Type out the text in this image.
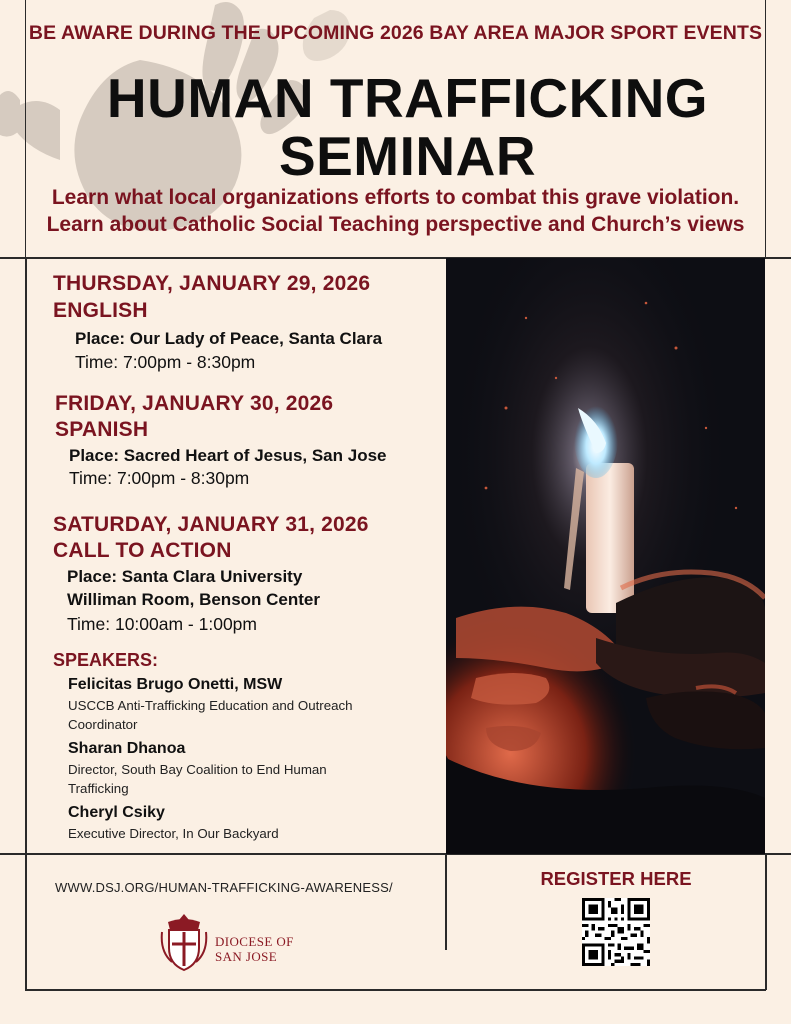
BE AWARE DURING THE UPCOMING 2026 BAY AREA MAJOR SPORT EVENTS
HUMAN TRAFFICKING
SEMINAR
Learn what local organizations efforts to combat this grave violation.
Learn about Catholic Social Teaching perspective and Church’s views
THURSDAY, JANUARY 29, 2026
ENGLISH
Place: Our Lady of Peace, Santa Clara
Time: 7:00pm - 8:30pm
FRIDAY, JANUARY 30, 2026
SPANISH
Place: Sacred Heart of Jesus, San Jose
Time: 7:00pm - 8:30pm
SATURDAY, JANUARY 31, 2026
CALL TO ACTION
Place: Santa Clara University
Williman Room, Benson Center
Time: 10:00am - 1:00pm
SPEAKERS:
Felicitas Brugo Onetti, MSW
USCCB Anti-Trafficking Education and Outreach Coordinator
Sharan Dhanoa
Director, South Bay Coalition to End Human Trafficking
Cheryl Csiky
Executive Director, In Our Backyard
WWW.DSJ.ORG/HUMAN-TRAFFICKING-AWARENESS/
DIOCESE OF
SAN JOSE
REGISTER HERE
